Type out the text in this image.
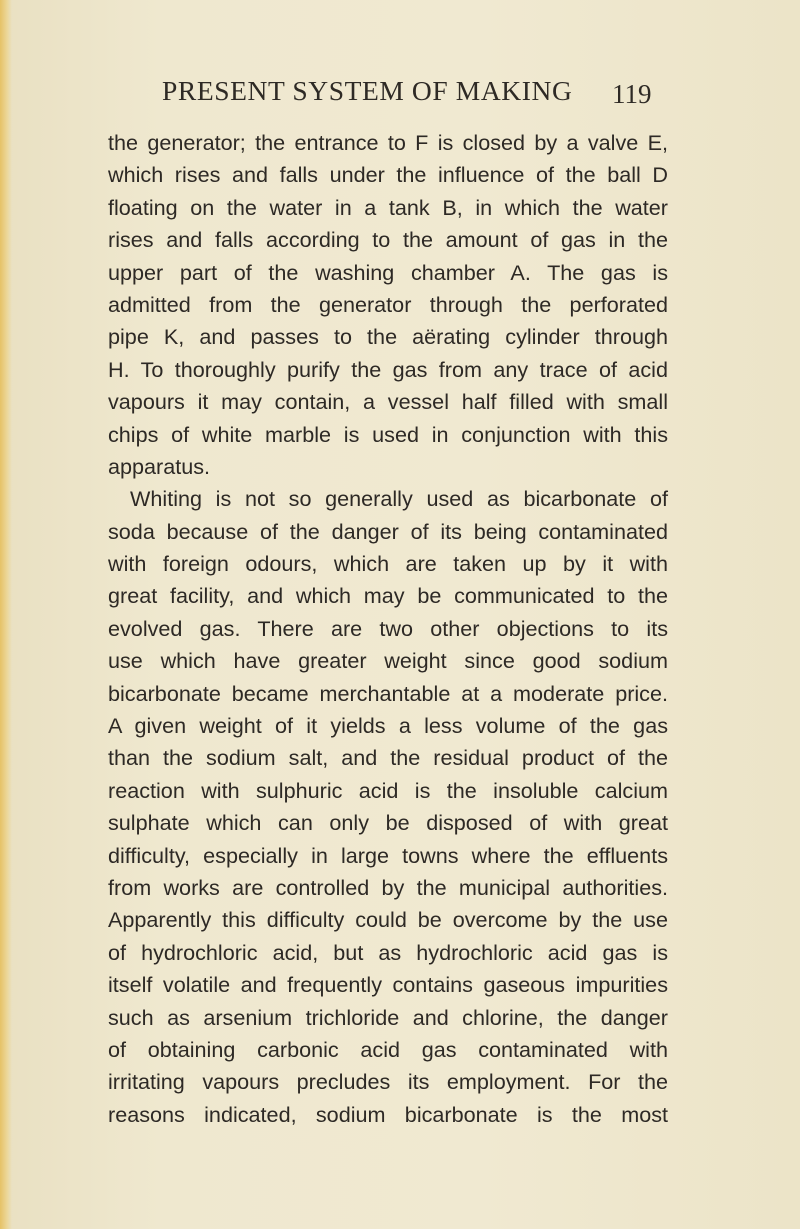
PRESENT SYSTEM OF MAKING 119
the generator; the entrance to F is closed by a valve E,
which rises and falls under the influence of the ball D
floating on the water in a tank B, in which the water
rises and falls according to the amount of gas in the
upper part of the washing chamber A. The gas is
admitted from the generator through the perforated
pipe K, and passes to the aërating cylinder through
H. To thoroughly purify the gas from any trace of acid
vapours it may contain, a vessel half filled with small
chips of white marble is used in conjunction with this
apparatus.
Whiting is not so generally used as bicarbonate of
soda because of the danger of its being contaminated
with foreign odours, which are taken up by it with
great facility, and which may be communicated to the
evolved gas. There are two other objections to its
use which have greater weight since good sodium
bicarbonate became merchantable at a moderate price.
A given weight of it yields a less volume of the gas
than the sodium salt, and the residual product of the
reaction with sulphuric acid is the insoluble calcium
sulphate which can only be disposed of with great
difficulty, especially in large towns where the effluents
from works are controlled by the municipal authorities.
Apparently this difficulty could be overcome by the use
of hydrochloric acid, but as hydrochloric acid gas is
itself volatile and frequently contains gaseous impurities
such as arsenium trichloride and chlorine, the danger
of obtaining carbonic acid gas contaminated with
irritating vapours precludes its employment. For the
reasons indicated, sodium bicarbonate is the most
